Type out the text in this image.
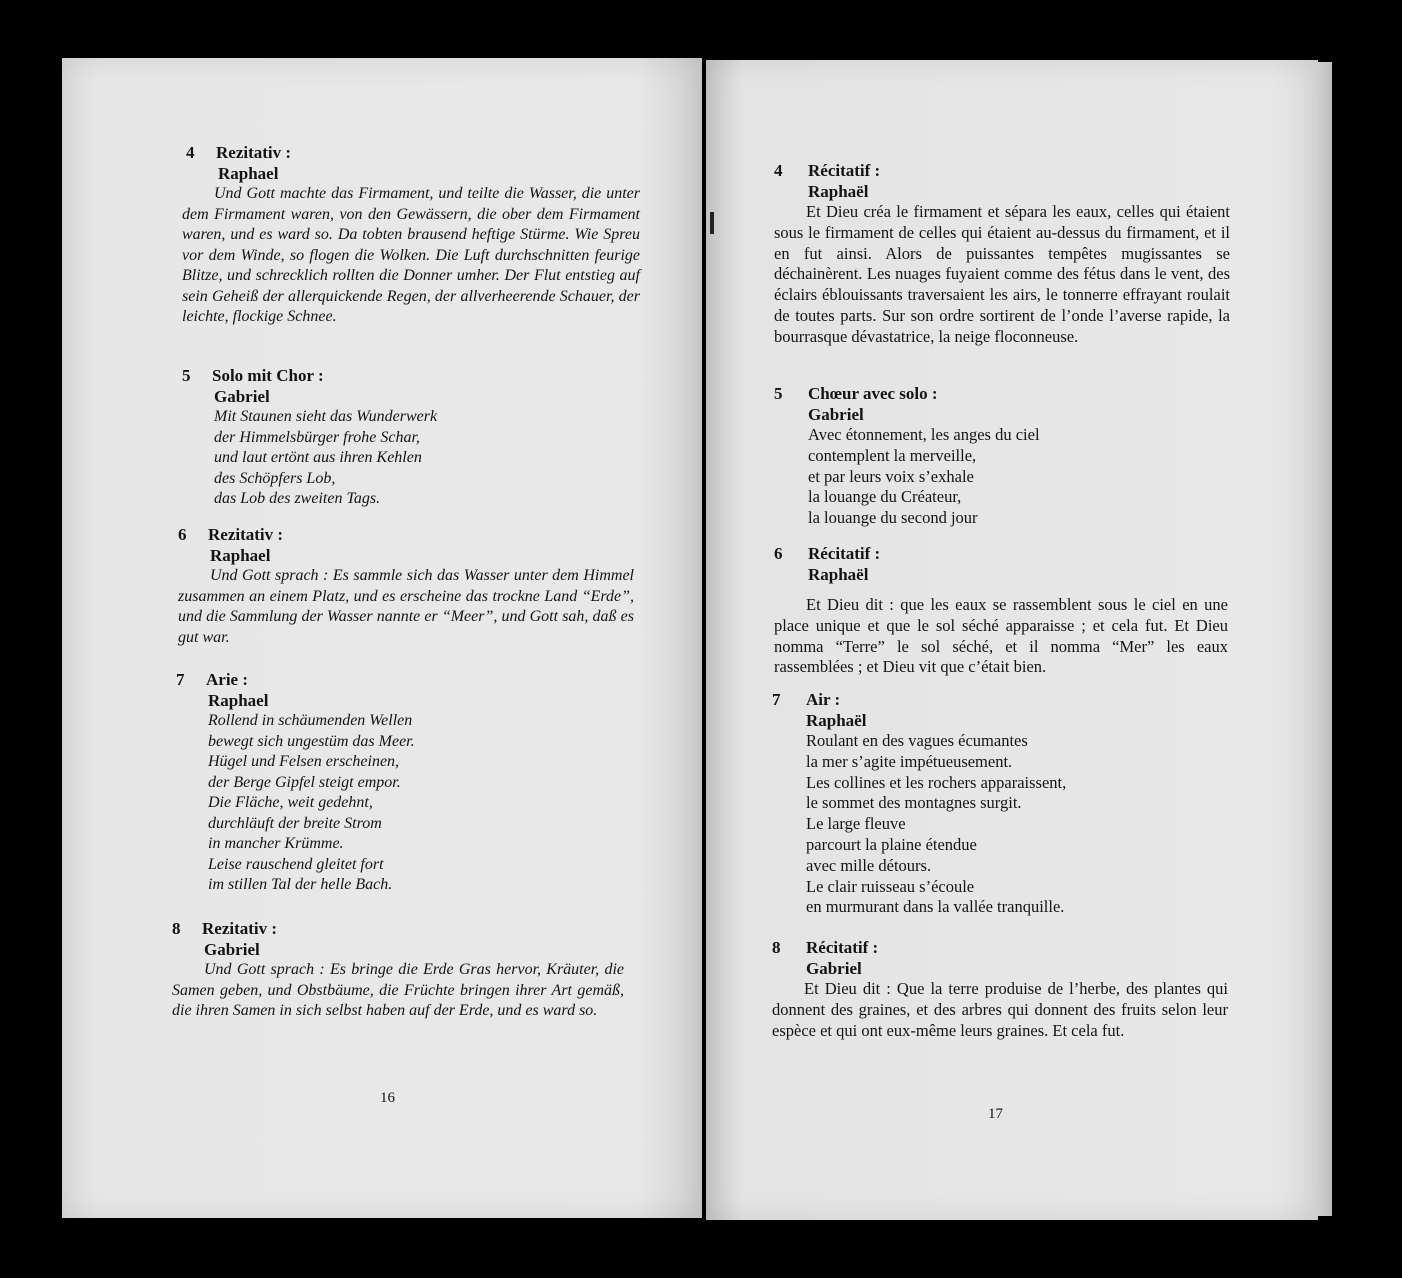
4	Rezitativ :
Raphael

Und Gott machte das Firmament, und teilte die Wasser, die unter dem Firmament waren, von den Gewässern, die ober dem Firmament waren, und es ward so. Da tobten brausend heftige Stürme. Wie Spreu vor dem Winde, so flogen die Wolken. Die Luft durchschnitten feurige Blitze, und schrecklich rollten die Donner umher. Der Flut entstieg auf sein Geheiß der allerquickende Regen, der allverheerende Schauer, der leichte, flockige Schnee.

5	Solo mit Chor :
Gabriel
Mit Staunen sieht das Wunderwerk
der Himmelsbürger frohe Schar,
und laut ertönt aus ihren Kehlen
des Schöpfers Lob,
das Lob des zweiten Tags.
6	Rezitativ :
Raphael

Und Gott sprach : Es sammle sich das Wasser unter dem Himmel zusammen an einem Platz, und es erscheine das trockne Land “Erde”, und die Sammlung der Wasser nannte er “Meer”, und Gott sah, daß es gut war.

7	Arie :
Raphael
Rollend in schäumenden Wellen
bewegt sich ungestüm das Meer.
Hügel und Felsen erscheinen,
der Berge Gipfel steigt empor.
Die Fläche, weit gedehnt,
durchläuft der breite Strom
in mancher Krümme.
Leise rauschend gleitet fort
im stillen Tal der helle Bach.
8	Rezitativ :
Gabriel

Und Gott sprach : Es bringe die Erde Gras hervor, Kräuter, die Samen geben, und Obstbäume, die Früchte bringen ihrer Art gemäß, die ihren Samen in sich selbst haben auf der Erde, und es ward so.

16
4	Récitatif :
Raphaël

Et Dieu créa le firmament et sépara les eaux, celles qui étaient sous le firmament de celles qui étaient au-dessus du firmament, et il en fut ainsi. Alors de puissantes tempêtes mugissantes se déchainèrent. Les nuages fuyaient comme des fétus dans le vent, des éclairs éblouissants traversaient les airs, le tonnerre effrayant roulait de toutes parts. Sur son ordre sortirent de l’onde l’averse rapide, la bourrasque dévastatrice, la neige floconneuse.

5	Chœur avec solo :
Gabriel
Avec étonnement, les anges du ciel
contemplent la merveille,
et par leurs voix s’exhale
la louange du Créateur,
la louange du second jour
6	Récitatif :
Raphaël

Et Dieu dit : que les eaux se rassemblent sous le ciel en une place unique et que le sol séché apparaisse ; et cela fut. Et Dieu nomma “Terre” le sol séché, et il nomma “Mer” les eaux rassemblées ; et Dieu vit que c’était bien.

7	Air :
Raphaël
Roulant en des vagues écumantes
la mer s’agite impétueusement.
Les collines et les rochers apparaissent,
le sommet des montagnes surgit.
Le large fleuve
parcourt la plaine étendue
avec mille détours.
Le clair ruisseau s’écoule
en murmurant dans la vallée tranquille.
8	Récitatif :
Gabriel

Et Dieu dit : Que la terre produise de l’herbe, des plantes qui donnent des graines, et des arbres qui donnent des fruits selon leur espèce et qui ont eux-même leurs graines. Et cela fut.

17
